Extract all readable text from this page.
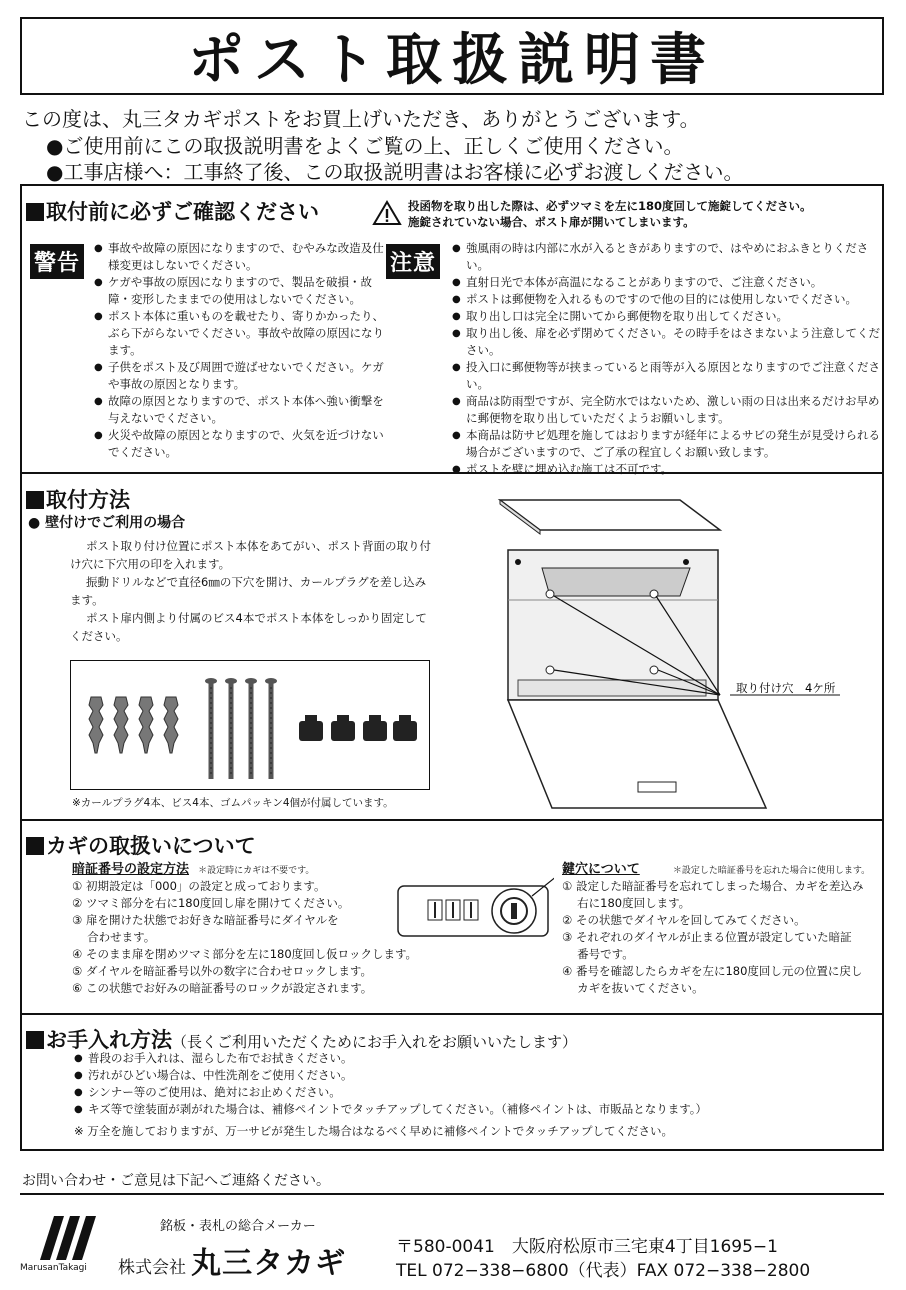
ポスト取扱説明書
この度は、丸三タカギポストをお買上げいただき、ありがとうございます。
●ご使用前にこの取扱説明書をよくご覧の上、正しくご使用ください。
●工事店様へ：工事終了後、この取扱説明書はお客様に必ずお渡しください。
取付前に必ずご確認ください	投函物を取り出した際は、必ずツマミを左に180度回して施錠してください。
施錠されていない場合、ポスト扉が開いてしまいます。
警告
● 事故や故障の原因になりますので、むやみな改造及仕様変更はしないでください。
● ケガや事故の原因になりますので、製品を破損・故障・変形したままでの使用はしないでください。
● ポスト本体に重いものを載せたり、寄りかかったり、ぶら下がらないでください。事故や故障の原因になります。
● 子供をポスト及び周囲で遊ばせないでください。ケガや事故の原因となります。
● 故障の原因となりますので、ポスト本体へ強い衝撃を与えないでください。
● 火災や故障の原因となりますので、火気を近づけないでください。
注意
● 強風雨の時は内部に水が入るときがありますので、はやめにおふきとりください。
● 直射日光で本体が高温になることがありますので、ご注意ください。
● ポストは郵便物を入れるものですので他の目的には使用しないでください。
● 取り出し口は完全に開いてから郵便物を取り出してください。
● 取り出し後、扉を必ず閉めてください。その時手をはさまないよう注意してください。
● 投入口に郵便物等が挟まっていると雨等が入る原因となりますのでご注意ください。
● 商品は防雨型ですが、完全防水ではないため、激しい雨の日は出来るだけお早めに郵便物を取り出していただくようお願いします。
● 本商品は防サビ処理を施してはおりますが経年によるサビの発生が見受けられる場合がございますので、ご了承の程宜しくお願い致します。
● ポストを壁に埋め込む施工は不可です。
取付方法
● 壁付けでご利用の場合
ポスト取り付け位置にポスト本体をあてがい、ポスト背面の取り付け穴に下穴用の印を入れます。
振動ドリルなどで直径6㎜の下穴を開け、カールプラグを差し込みます。
ポスト扉内側より付属のビス4本でポスト本体をしっかり固定してください。
※カールプラグ4本、ビス4本、ゴムパッキン4個が付属しています。
取り付け穴　4ケ所
カギの取扱いについて
暗証番号の設定方法 ＊設定時にカギは不要です。
① 初期設定は「000」の設定と成っております。
② ツマミ部分を右に180度回し扉を開けてください。
③ 扉を開けた状態でお好きな暗証番号にダイヤルを
　 合わせます。
④ そのまま扉を閉めツマミ部分を左に180度回し仮ロックします。
⑤ ダイヤルを暗証番号以外の数字に合わせロックします。
⑥ この状態でお好みの暗証番号のロックが設定されます。
鍵穴について	＊設定した暗証番号を忘れた場合に使用します。
① 設定した暗証番号を忘れてしまった場合、カギを差込み
　 右に180度回します。
② その状態でダイヤルを回してみてください。
③ それぞれのダイヤルが止まる位置が設定していた暗証
　 番号です。
④ 番号を確認したらカギを左に180度回し元の位置に戻し
　 カギを抜いてください。
お手入れ方法（長くご利用いただくためにお手入れをお願いいたします）
● 普段のお手入れは、湿らした布でお拭きください。
● 汚れがひどい場合は、中性洗剤をご使用ください。
● シンナー等のご使用は、絶対にお止めください。
● キズ等で塗装面が剥がれた場合は、補修ペイントでタッチアップしてください。（補修ペイントは、市販品となります。）
※ 万全を施しておりますが、万一サビが発生した場合はなるべく早めに補修ペイントでタッチアップしてください。
お問い合わせ・ご意見は下記へご連絡ください。
MarusanTakagi
銘板・表札の総合メーカー
株式会社 丸三タカギ	〒580-0041　大阪府松原市三宅東4丁目1695−1
TEL 072−338−6800（代表）FAX 072−338−2800
